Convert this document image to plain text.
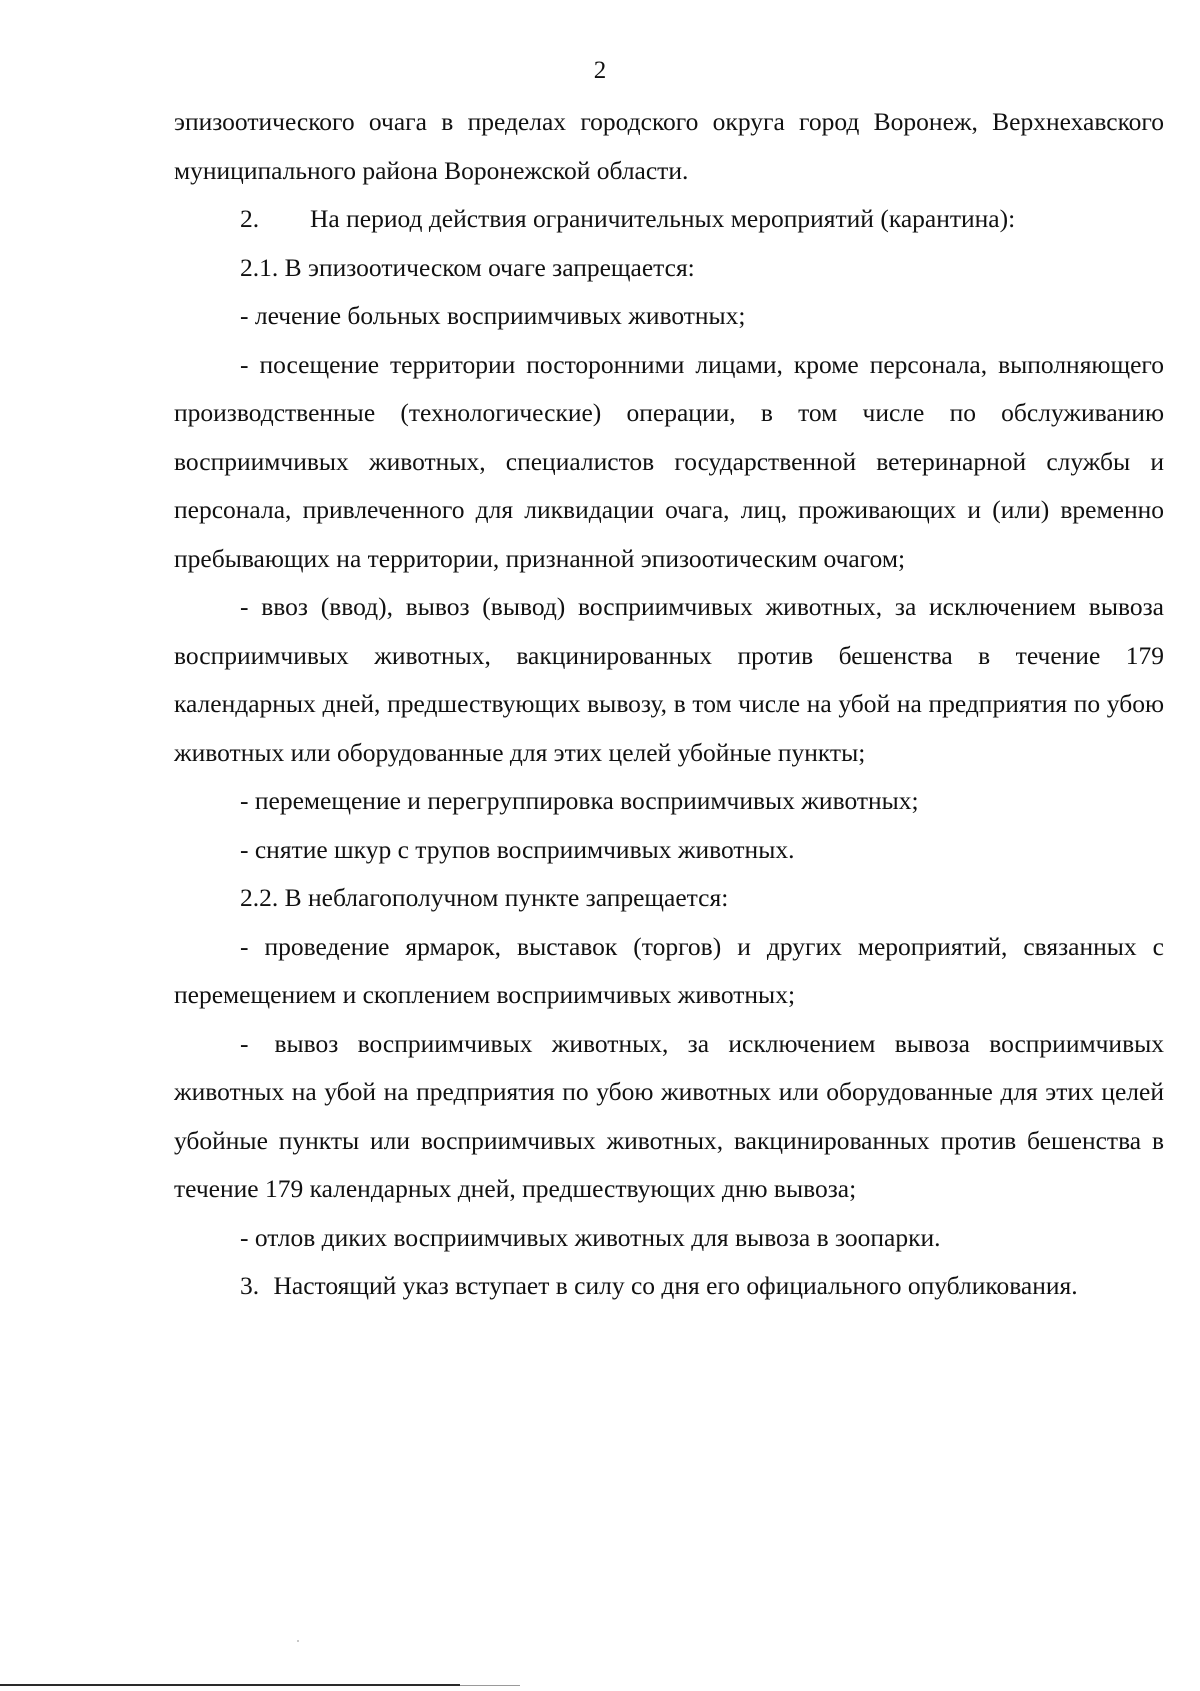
2

эпизоотического очага в пределах городского округа город Воронеж, Верхнехавского муниципального района Воронежской области.

2. На период действия ограничительных мероприятий (карантина):

2.1. В эпизоотическом очаге запрещается:

- лечение больных восприимчивых животных;

- посещение территории посторонними лицами, кроме персонала, выполняющего производственные (технологические) операции, в том числе по обслуживанию восприимчивых животных, специалистов государственной ветеринарной службы и персонала, привлеченного для ликвидации очага, лиц, проживающих и (или) временно пребывающих на территории, признанной эпизоотическим очагом;

- ввоз (ввод), вывоз (вывод) восприимчивых животных, за исключением вывоза восприимчивых животных, вакцинированных против бешенства в течение 179 календарных дней, предшествующих вывозу, в том числе на убой на предприятия по убою животных или оборудованные для этих целей убойные пункты;

- перемещение и перегруппировка восприимчивых животных;

- снятие шкур с трупов восприимчивых животных.

2.2. В неблагополучном пункте запрещается:

- проведение ярмарок, выставок (торгов) и других мероприятий, связанных с перемещением и скоплением восприимчивых животных;

- вывоз восприимчивых животных, за исключением вывоза восприимчивых животных на убой на предприятия по убою животных или оборудованные для этих целей убойные пункты или восприимчивых животных, вакцинированных против бешенства в течение 179 календарных дней, предшествующих дню вывоза;

- отлов диких восприимчивых животных для вывоза в зоопарки.

3. Настоящий указ вступает в силу со дня его официального опубликования.
